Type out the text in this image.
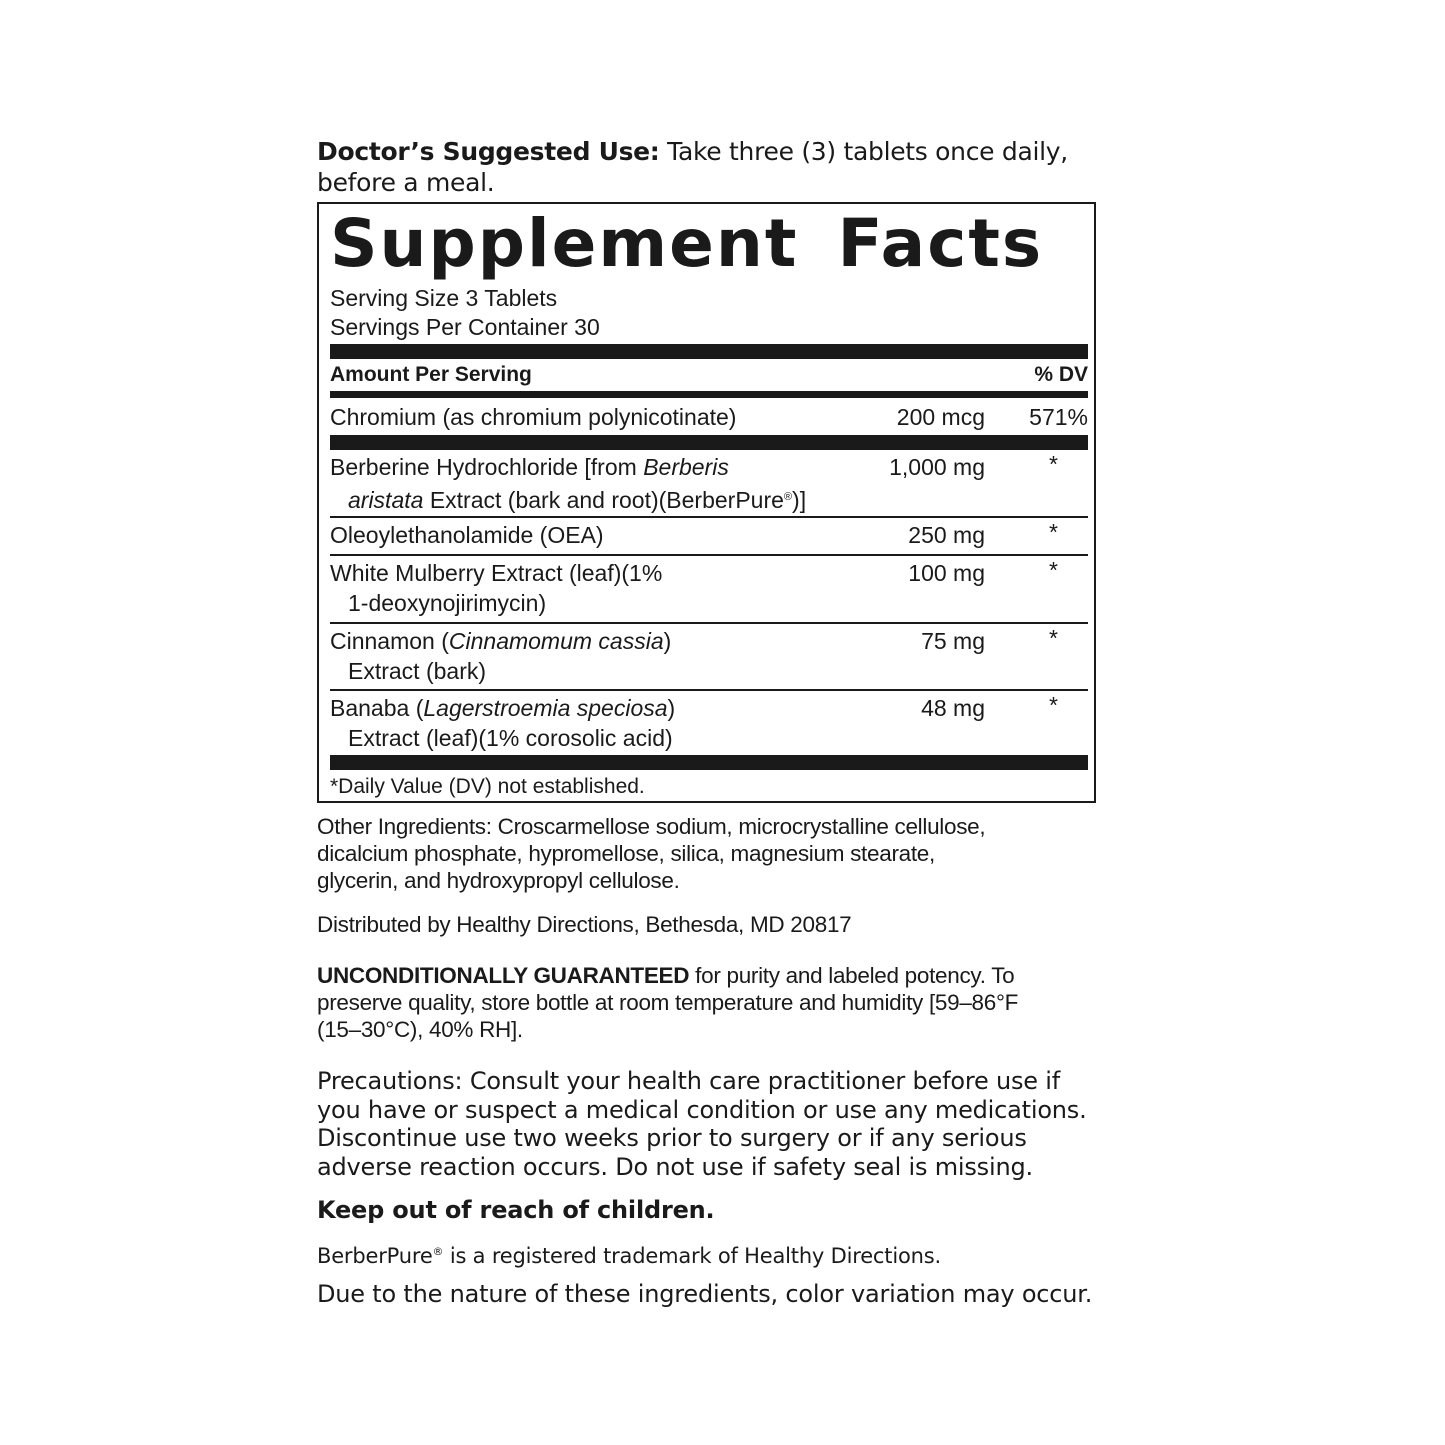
Doctor’s Suggested Use: Take three (3) tablets once daily,
before a meal.
Supplement Facts
Serving Size 3 Tablets
Servings Per Container 30
Amount Per Serving	% DV
Chromium (as chromium polynicotinate)	200 mcg 571%
Berberine Hydrochloride [from Berberis
aristata Extract (bark and root)(BerberPure®)]
1,000 mg	*
Oleoylethanolamide (OEA)	250 mg	*
White Mulberry Extract (leaf)(1%
1-deoxynojirimycin)
100 mg	*
Cinnamon (Cinnamomum cassia)
Extract (bark)
75 mg	*
Banaba (Lagerstroemia speciosa)
Extract (leaf)(1% corosolic acid)
48 mg	*
*Daily Value (DV) not established.
Other Ingredients: Croscarmellose sodium, microcrystalline cellulose,
dicalcium phosphate, hypromellose, silica, magnesium stearate,
glycerin, and hydroxypropyl cellulose.
Distributed by Healthy Directions, Bethesda, MD 20817
UNCONDITIONALLY GUARANTEED for purity and labeled potency. To
preserve quality, store bottle at room temperature and humidity [59–86°F
(15–30°C), 40% RH].
Precautions: Consult your health care practitioner before use if
you have or suspect a medical condition or use any medications.
Discontinue use two weeks prior to surgery or if any serious
adverse reaction occurs. Do not use if safety seal is missing.
Keep out of reach of children.
BerberPure® is a registered trademark of Healthy Directions.
Due to the nature of these ingredients, color variation may occur.
